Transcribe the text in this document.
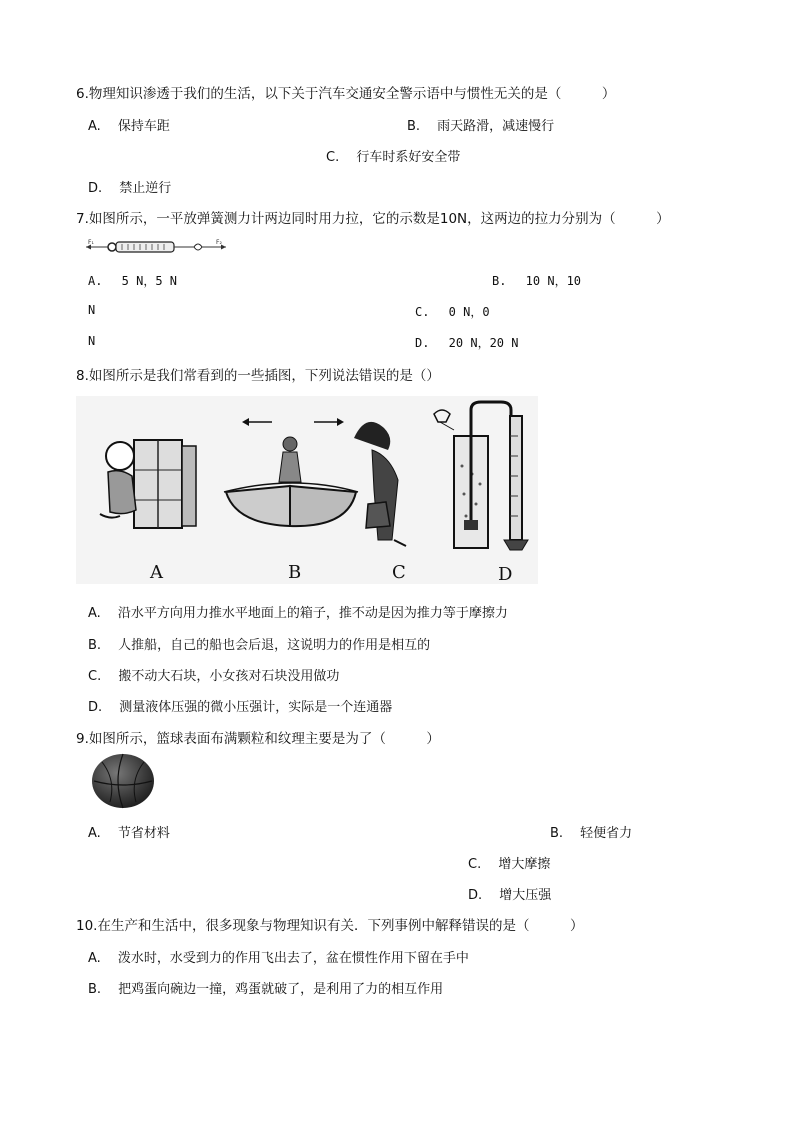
6.物理知识渗透于我们的生活，以下关于汽车交通安全警示语中与惯性无关的是（　　　）
A.　 保持车距	B.　 雨天路滑，减速慢行
C.　 行车时系好安全带
D.　 禁止逆行
7.如图所示，一平放弹簧测力计两边同时用力拉，它的示数是10N，这两边的拉力分别为（　　　）
F₁	F₂
A.　 5 N，5 N	B.　 10 N，10
N	C.　 0 N，0
N	D.　 20 N，20 N
8.如图所示是我们常看到的一些插图，下列说法错误的是（）
A	B	C	D
A.　 沿水平方向用力推水平地面上的箱子，推不动是因为推力等于摩擦力
B.　 人推船，自己的船也会后退，这说明力的作用是相互的
C.　 搬不动大石块，小女孩对石块没用做功
D.　 测量液体压强的微小压强计，实际是一个连通器
9.如图所示，篮球表面布满颗粒和纹理主要是为了（　　　）
A.　 节省材料	B.　 轻便省力
C.　 增大摩擦
D.　 增大压强
10.在生产和生活中，很多现象与物理知识有关．下列事例中解释错误的是（　　　）
A.　 泼水时，水受到力的作用飞出去了，盆在惯性作用下留在手中
B.　 把鸡蛋向碗边一撞，鸡蛋就破了，是利用了力的相互作用
